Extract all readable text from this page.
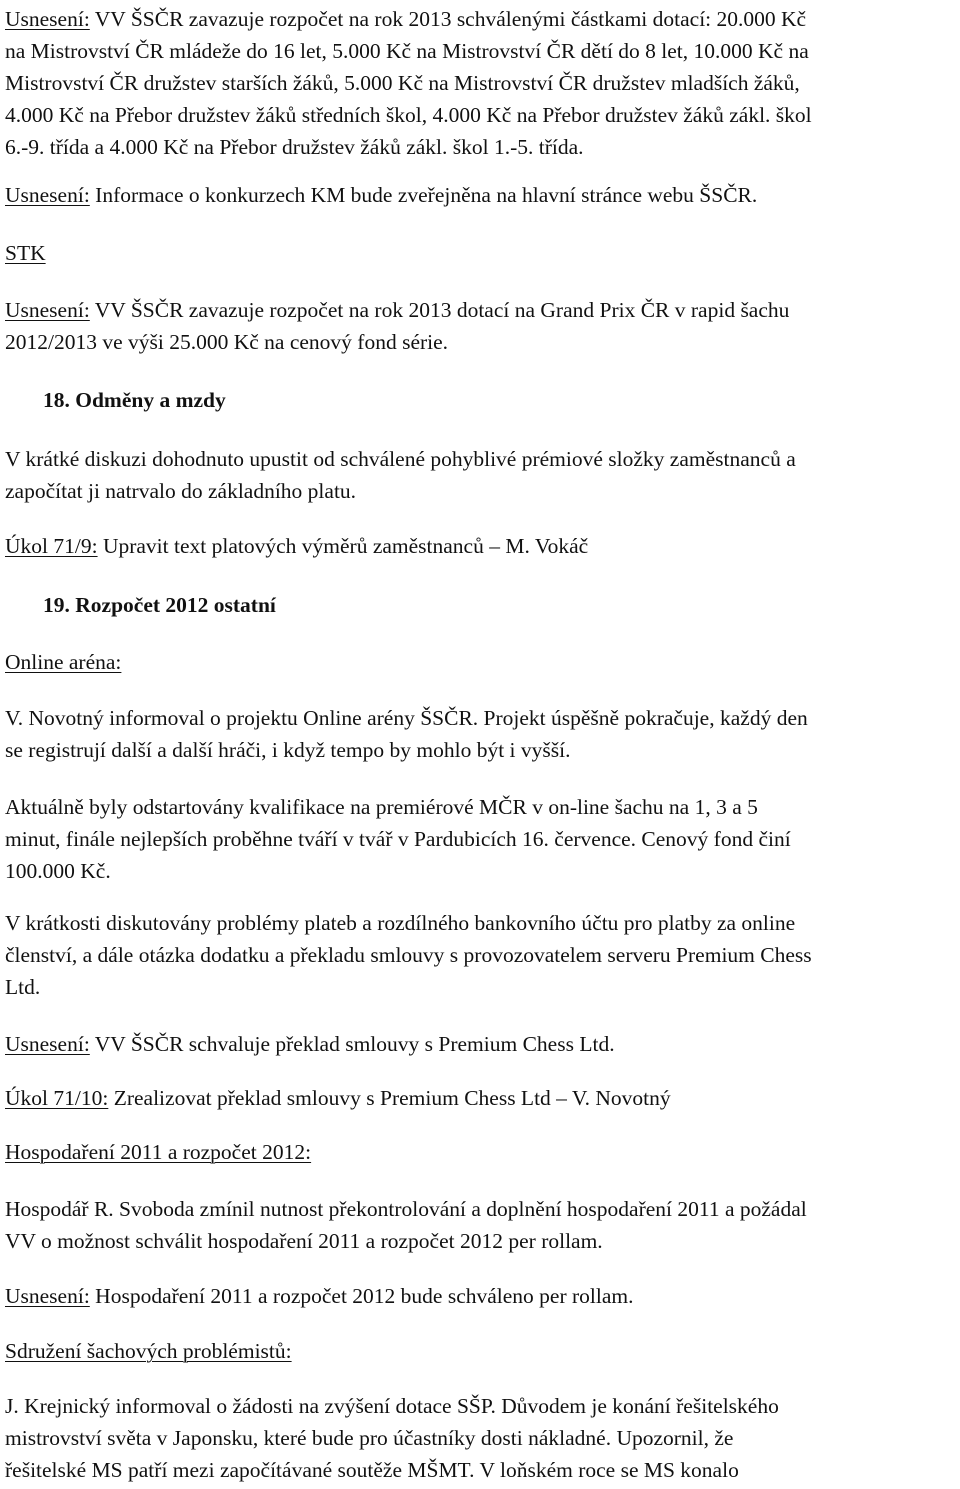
Usnesení: VV ŠSČR zavazuje rozpočet na rok 2013 schválenými částkami dotací: 20.000 Kč
na Mistrovství ČR mládeže do 16 let, 5.000 Kč na Mistrovství ČR dětí do 8 let, 10.000 Kč na
Mistrovství ČR družstev starších žáků, 5.000 Kč na Mistrovství ČR družstev mladších žáků,
4.000 Kč na Přebor družstev žáků středních škol, 4.000 Kč na Přebor družstev žáků zákl. škol
6.-9. třída a 4.000 Kč na Přebor družstev žáků zákl. škol 1.-5. třída.

Usnesení: Informace o konkurzech KM bude zveřejněna na hlavní stránce webu ŠSČR.

STK

Usnesení: VV ŠSČR zavazuje rozpočet na rok 2013 dotací na Grand Prix ČR v rapid šachu
2012/2013 ve výši 25.000 Kč na cenový fond série.

18. Odměny a mzdy

V krátké diskuzi dohodnuto upustit od schválené pohyblivé prémiové složky zaměstnanců a
započítat ji natrvalo do základního platu.

Úkol 71/9: Upravit text platových výměrů zaměstnanců – M. Vokáč

19. Rozpočet 2012 ostatní

Online aréna:

V. Novotný informoval o projektu Online arény ŠSČR. Projekt úspěšně pokračuje, každý den
se registrují další a další hráči, i když tempo by mohlo být i vyšší.

Aktuálně byly odstartovány kvalifikace na premiérové MČR v on-line šachu na 1, 3 a 5
minut, finále nejlepších proběhne tváří v tvář v Pardubicích 16. července. Cenový fond činí
100.000 Kč.

V krátkosti diskutovány problémy plateb a rozdílného bankovního účtu pro platby za online
členství, a dále otázka dodatku a překladu smlouvy s provozovatelem serveru Premium Chess
Ltd.

Usnesení: VV ŠSČR schvaluje překlad smlouvy s Premium Chess Ltd.

Úkol 71/10: Zrealizovat překlad smlouvy s Premium Chess Ltd – V. Novotný

Hospodaření 2011 a rozpočet 2012:

Hospodář R. Svoboda zmínil nutnost překontrolování a doplnění hospodaření 2011 a požádal
VV o možnost schválit hospodaření 2011 a rozpočet 2012 per rollam.

Usnesení: Hospodaření 2011 a rozpočet 2012 bude schváleno per rollam.

Sdružení šachových problémistů:

J. Krejnický informoval o žádosti na zvýšení dotace SŠP. Důvodem je konání řešitelského
mistrovství světa v Japonsku, které bude pro účastníky dosti nákladné. Upozornil, že
řešitelské MS patří mezi započítávané soutěže MŠMT. V loňském roce se MS konalo
